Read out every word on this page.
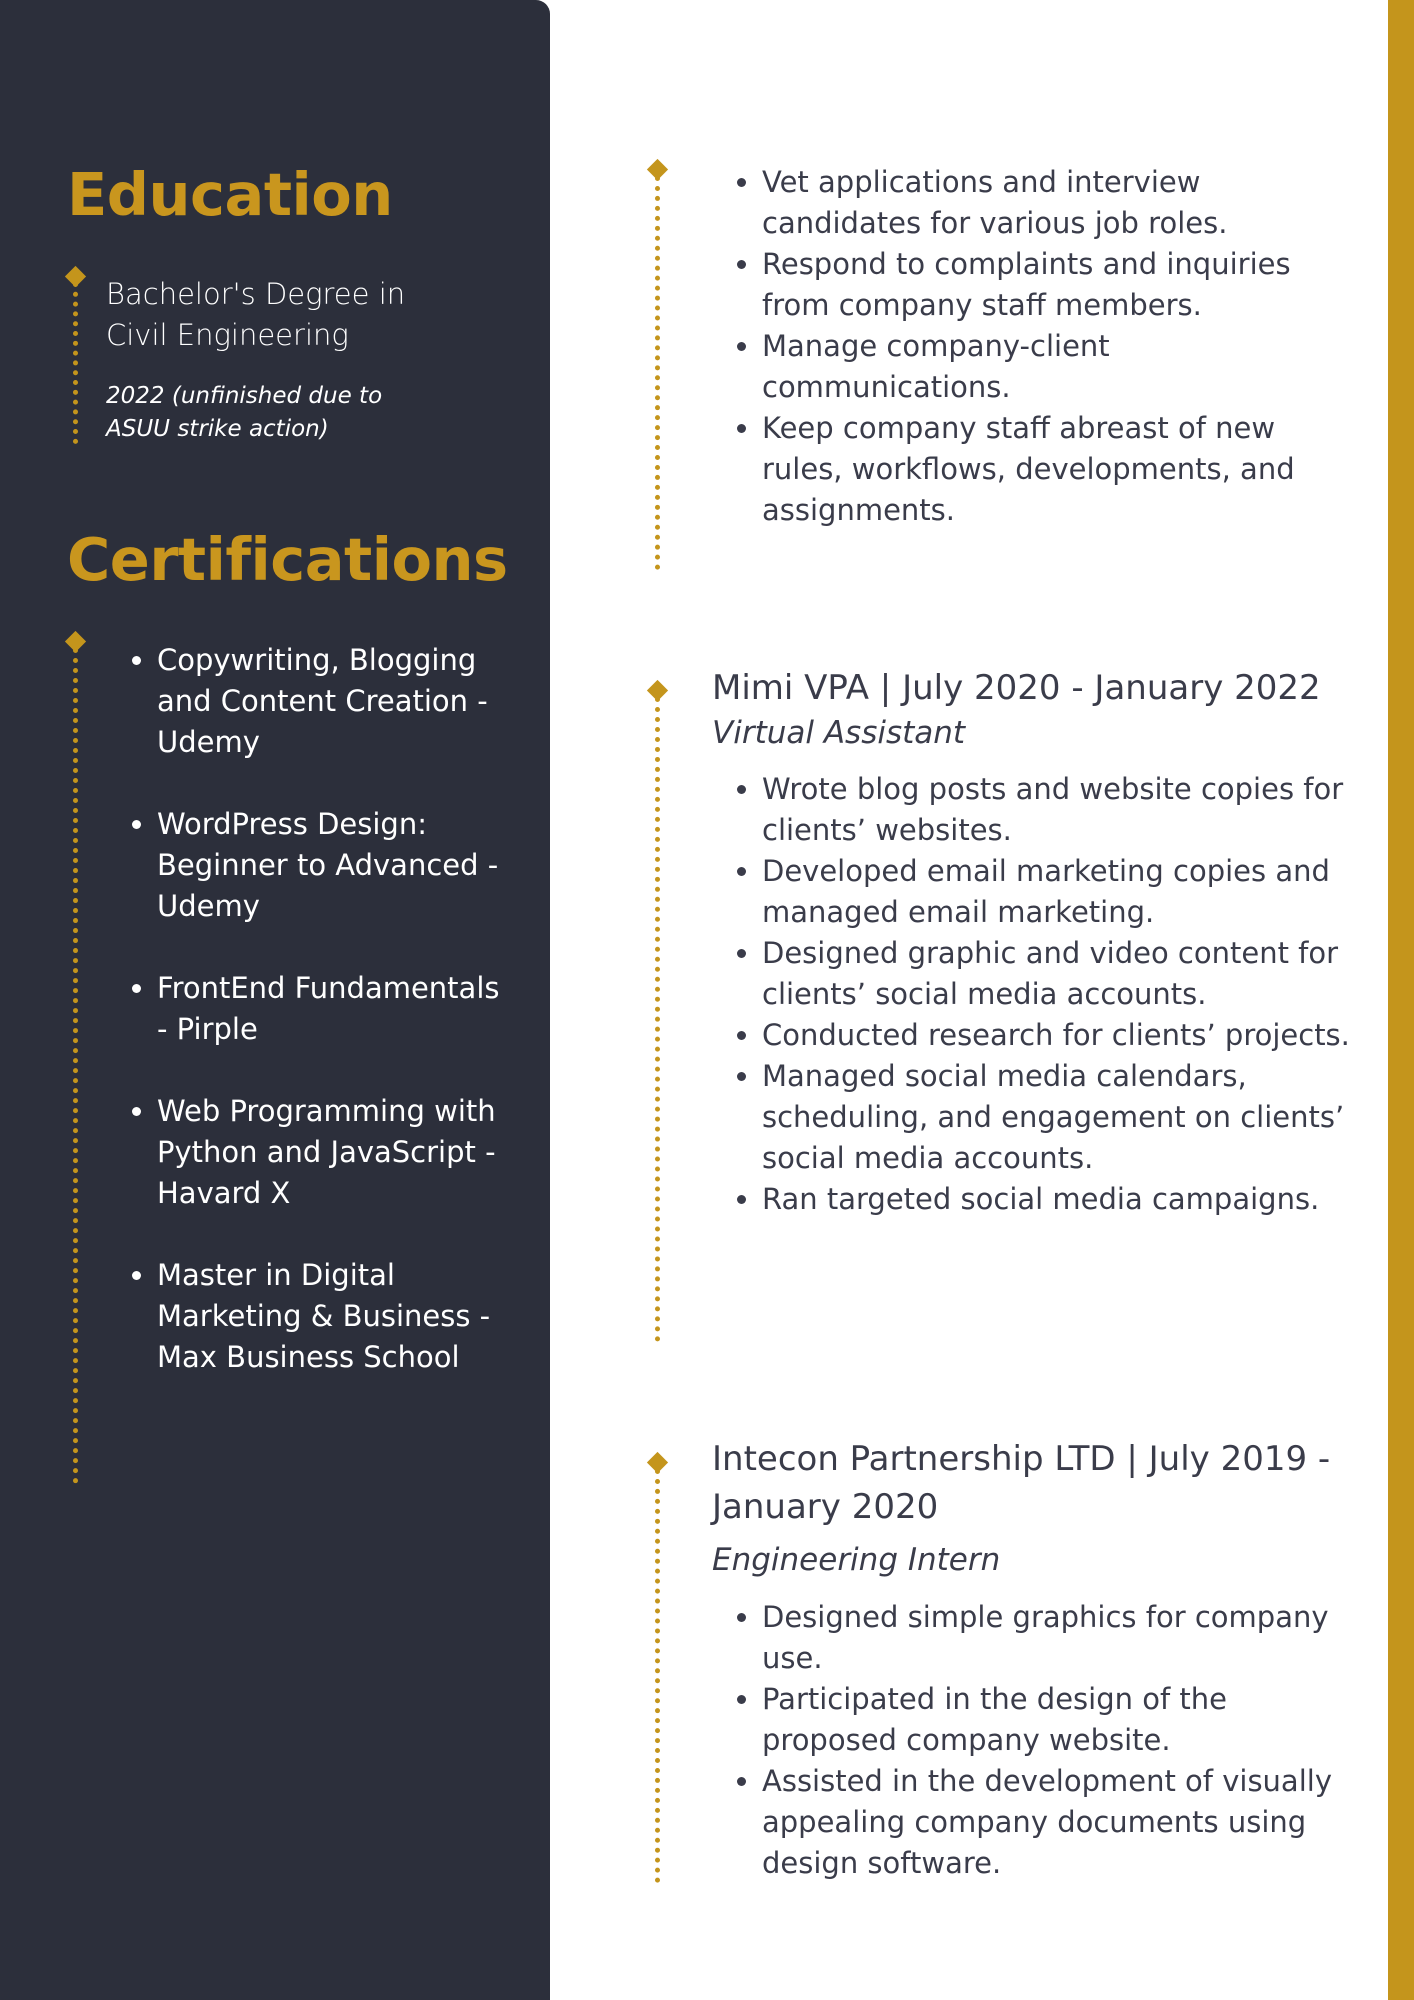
Education
Bachelor's Degree in Civil Engineering
2022 (unfinished due to ASUU strike action)
Certifications
• Copywriting, Blogging and Content Creation - Udemy
• WordPress Design: Beginner to Advanced - Udemy
• FrontEnd Fundamentals - Pirple
• Web Programming with Python and JavaScript - Havard X
• Master in Digital Marketing & Business - Max Business School
• Vet applications and interview candidates for various job roles.
• Respond to complaints and inquiries from company staff members.
• Manage company-client communications.
• Keep company staff abreast of new rules, workflows, developments, and assignments.
Mimi VPA | July 2020 - January 2022
Virtual Assistant
• Wrote blog posts and website copies for clients’ websites.
• Developed email marketing copies and managed email marketing.
• Designed graphic and video content for clients’ social media accounts.
• Conducted research for clients’ projects.
• Managed social media calendars, scheduling, and engagement on clients’ social media accounts.
• Ran targeted social media campaigns.
Intecon Partnership LTD | July 2019 - January 2020
Engineering Intern
• Designed simple graphics for company use.
• Participated in the design of the proposed company website.
• Assisted in the development of visually appealing company documents using design software.
